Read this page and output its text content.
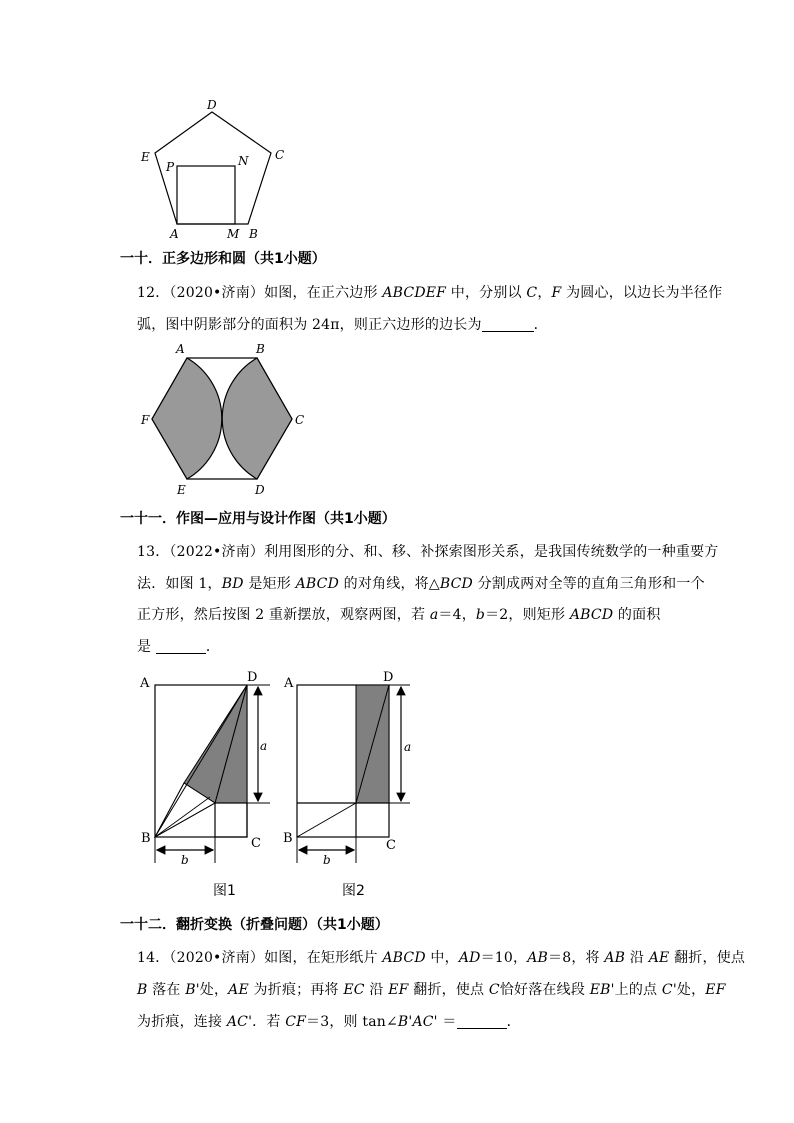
D
E	C
P	N
A	M B
一十．正多边形和圆（共1小题）
12．（2020•济南）如图，在正六边形 ABCDEF 中，分别以 C，F 为圆心，以边长为半径作
弧，图中阴影部分的面积为 24π，则正六边形的边长为	．
A	B
F	C
E	D
一十一．作图—应用与设计作图（共1小题）
13．（2022•济南）利用图形的分、和、移、补探索图形关系，是我国传统数学的一种重要方
法．如图 1，BD 是矩形 ABCD 的对角线，将△BCD 分割成两对全等的直角三角形和一个
正方形，然后按图 2 重新摆放，观察两图，若 a＝4，b＝2，则矩形 ABCD 的面积
是	．
A	D
B	C
a
b
A	D
B	C
a
b
图1	图2
一十二．翻折变换（折叠问题）（共1小题）
14．（2020•济南）如图，在矩形纸片 ABCD 中，AD＝10，AB＝8，将 AB 沿 AE 翻折，使点
B 落在 B'处，AE 为折痕；再将 EC 沿 EF 翻折，使点 C恰好落在线段 EB'上的点 C'处，EF
为折痕，连接 AC'．若 CF＝3，则 tan∠B'AC' ＝	．
